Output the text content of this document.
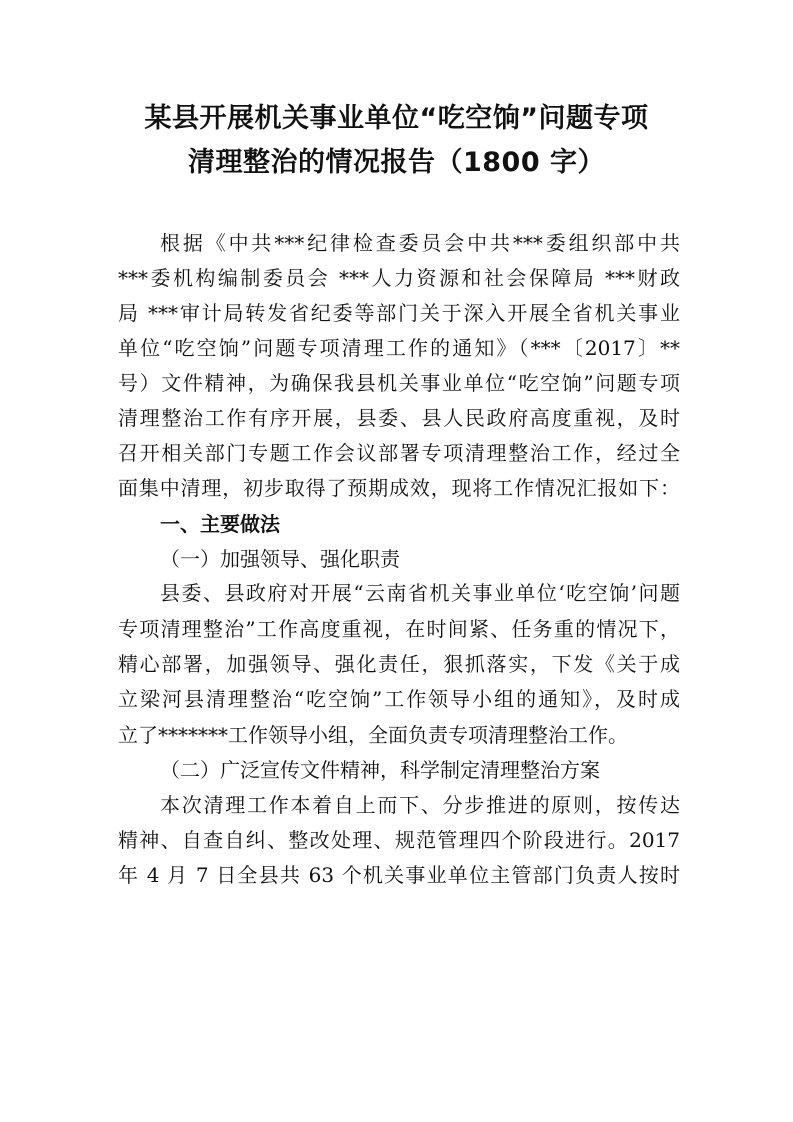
某县开展机关事业单位“吃空饷”问题专项
清理整治的情况报告（1800 字）
根据《中共***纪律检查委员会中共***委组织部中共
***委机构编制委员会 ***人力资源和社会保障局 ***财政
局 ***审计局转发省纪委等部门关于深入开展全省机关事业
单位“吃空饷”问题专项清理工作的通知》（***〔2017〕**
号）文件精神，为确保我县机关事业单位“吃空饷”问题专项
清理整治工作有序开展，县委、县人民政府高度重视，及时
召开相关部门专题工作会议部署专项清理整治工作，经过全
面集中清理，初步取得了预期成效，现将工作情况汇报如下：
一、主要做法
（一）加强领导、强化职责
县委、县政府对开展“云南省机关事业单位‘吃空饷’问题
专项清理整治”工作高度重视，在时间紧、任务重的情况下，
精心部署，加强领导、强化责任，狠抓落实，下发《关于成
立梁河县清理整治“吃空饷”工作领导小组的通知》，及时成
立了*******工作领导小组，全面负责专项清理整治工作。
（二）广泛宣传文件精神，科学制定清理整治方案
本次清理工作本着自上而下、分步推进的原则，按传达
精神、自查自纠、整改处理、规范管理四个阶段进行。2017
年 4 月 7 日全县共 63 个机关事业单位主管部门负责人按时
